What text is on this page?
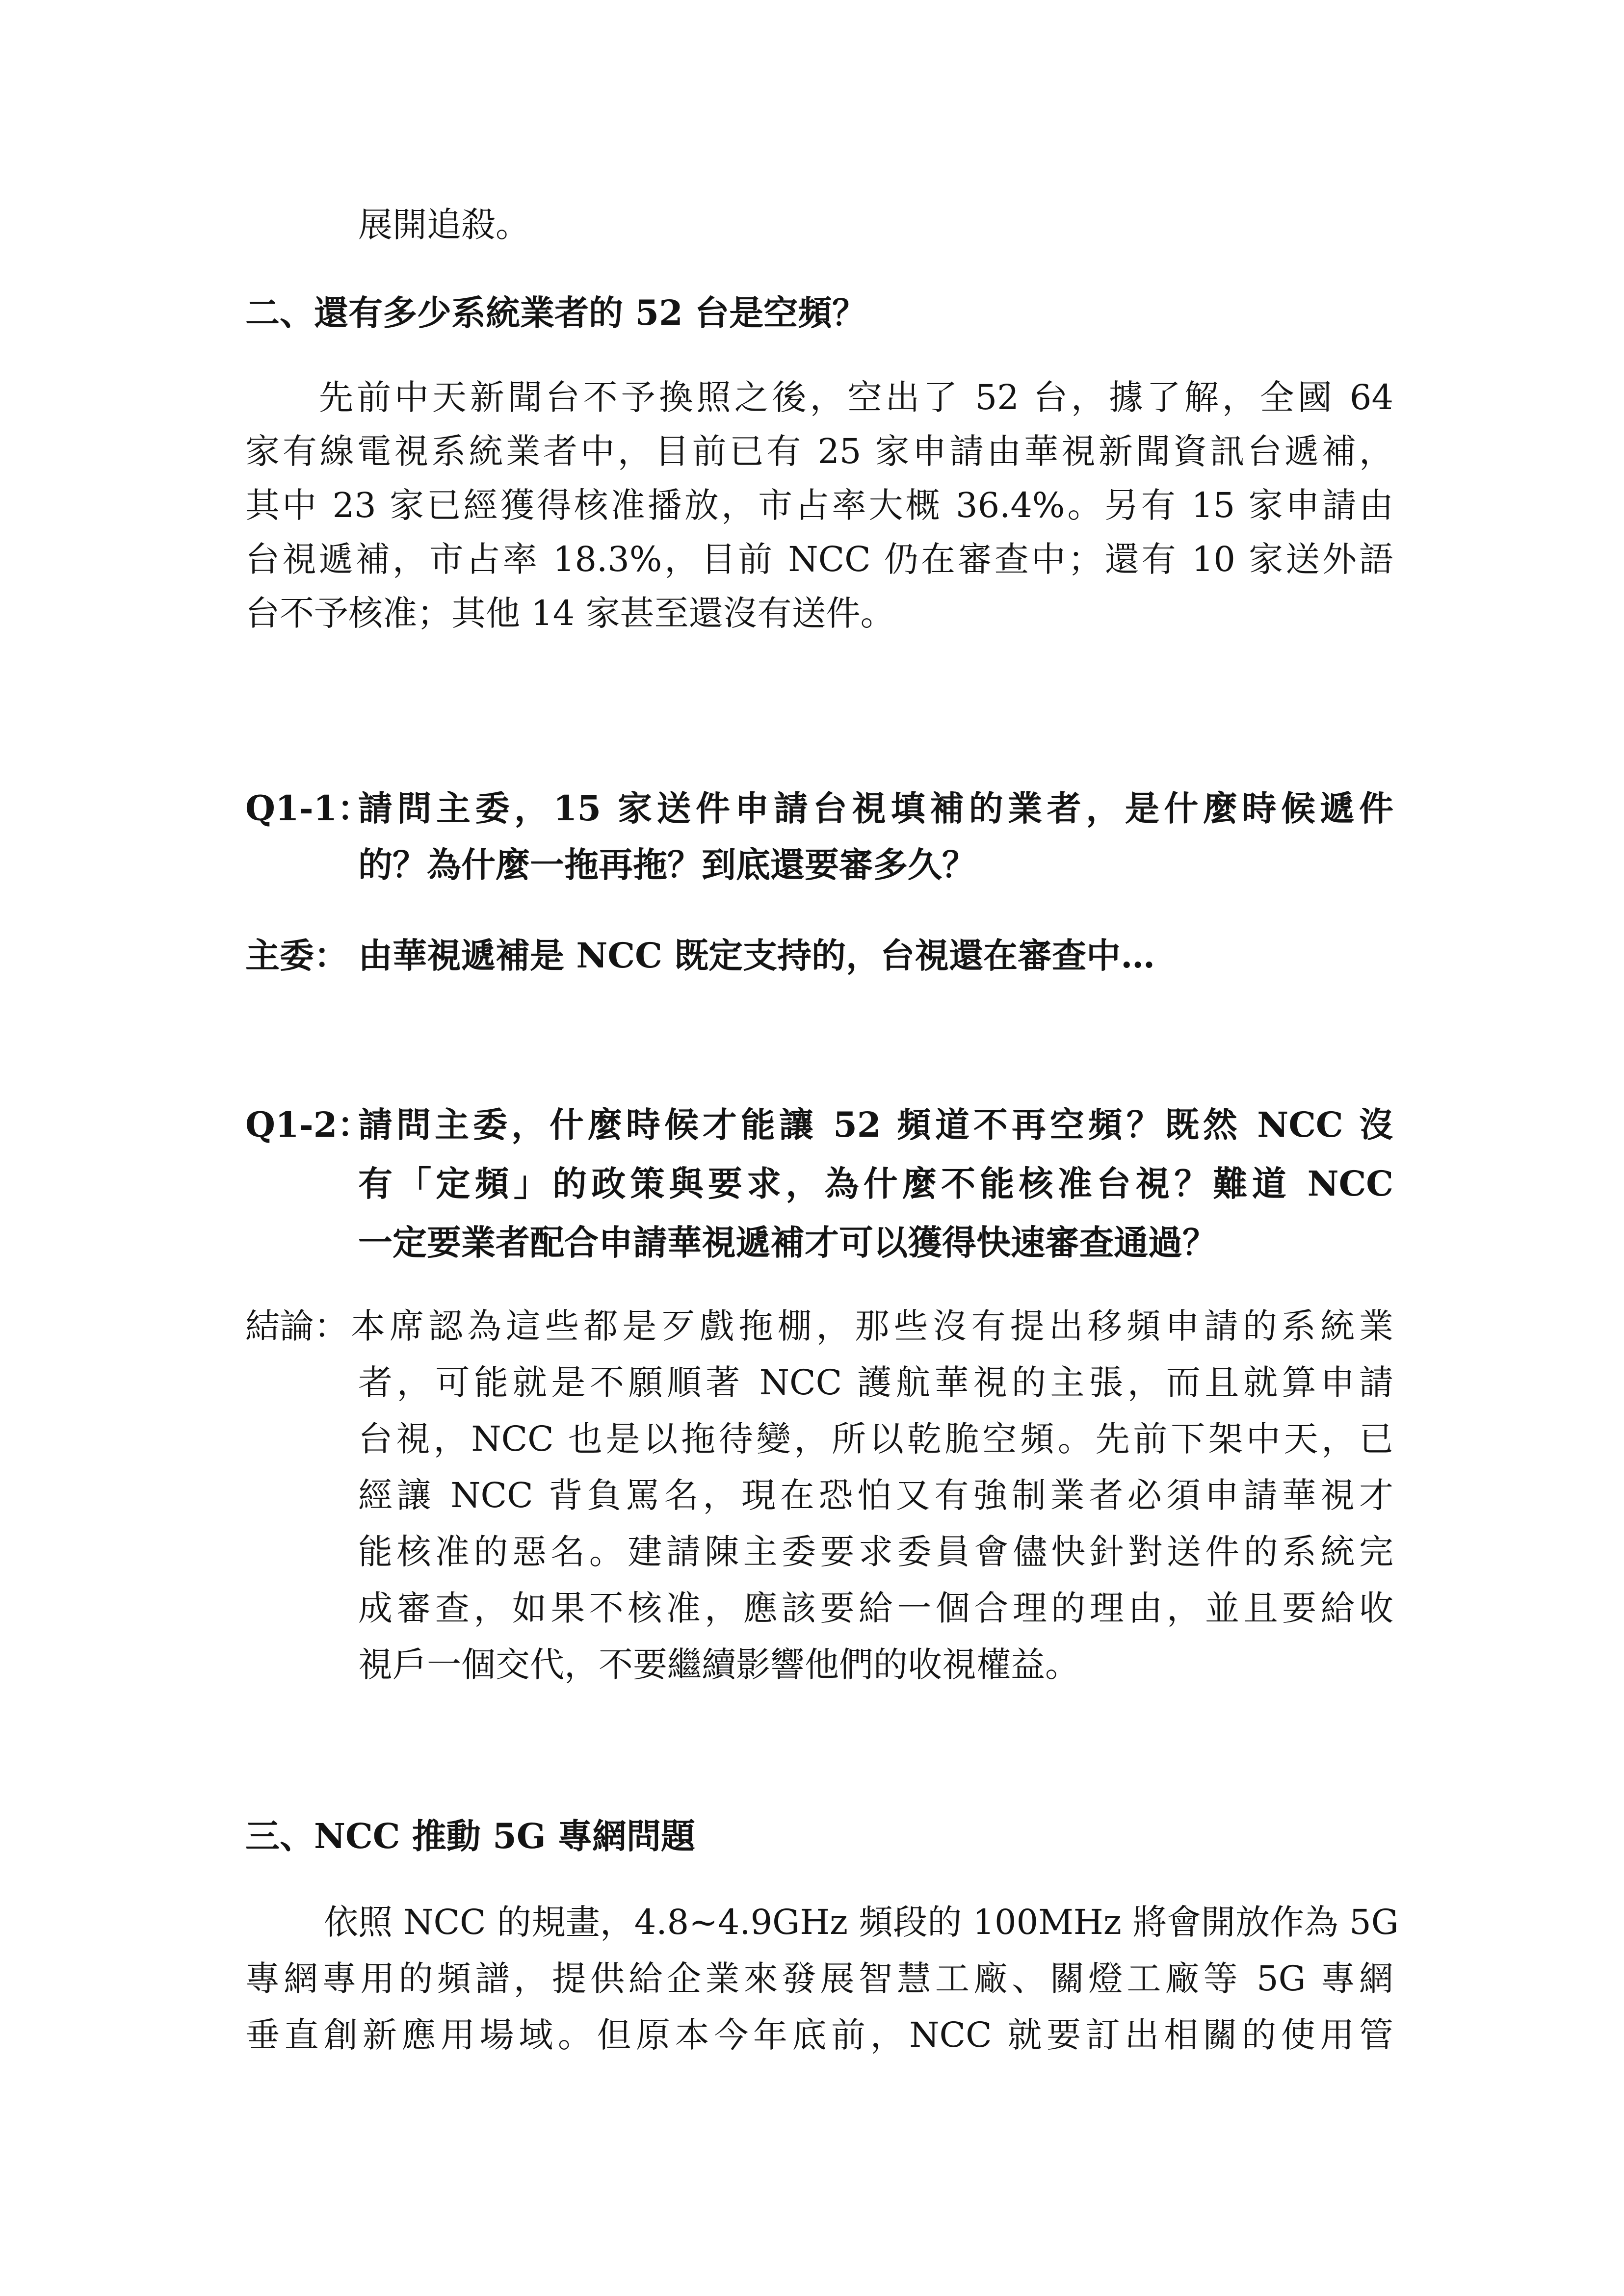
展開追殺。
二、還有多少系統業者的 52 台是空頻？
先前中天新聞台不予換照之後，空出了 52 台，據了解，全國 64
家有線電視系統業者中，目前已有 25 家申請由華視新聞資訊台遞補，
其中 23 家已經獲得核准播放，市占率大概 36.4%。另有 15 家申請由
台視遞補，市占率 18.3%，目前 NCC 仍在審查中；還有 10 家送外語
台不予核准；其他 14 家甚至還沒有送件。
Q1-1：
請問主委，15 家送件申請台視填補的業者，是什麼時候遞件
的？為什麼一拖再拖？到底還要審多久？
主委： 由華視遞補是 NCC 既定支持的，台視還在審查中…
Q1-2：
請問主委，什麼時候才能讓 52 頻道不再空頻？既然 NCC 沒
有「定頻」的政策與要求，為什麼不能核准台視？難道 NCC
一定要業者配合申請華視遞補才可以獲得快速審查通過？
結論： 本席認為這些都是歹戲拖棚，那些沒有提出移頻申請的系統業
者，可能就是不願順著 NCC 護航華視的主張，而且就算申請
台視，NCC 也是以拖待變，所以乾脆空頻。先前下架中天，已
經讓 NCC 背負罵名，現在恐怕又有強制業者必須申請華視才
能核准的惡名。建請陳主委要求委員會儘快針對送件的系統完
成審查，如果不核准，應該要給一個合理的理由，並且要給收
視戶一個交代，不要繼續影響他們的收視權益。
三、NCC 推動 5G 專網問題
依照 NCC 的規畫，4.8~4.9GHz 頻段的 100MHz 將會開放作為 5G
專網專用的頻譜，提供給企業來發展智慧工廠、關燈工廠等 5G 專網
垂直創新應用場域。但原本今年底前，NCC 就要訂出相關的使用管
